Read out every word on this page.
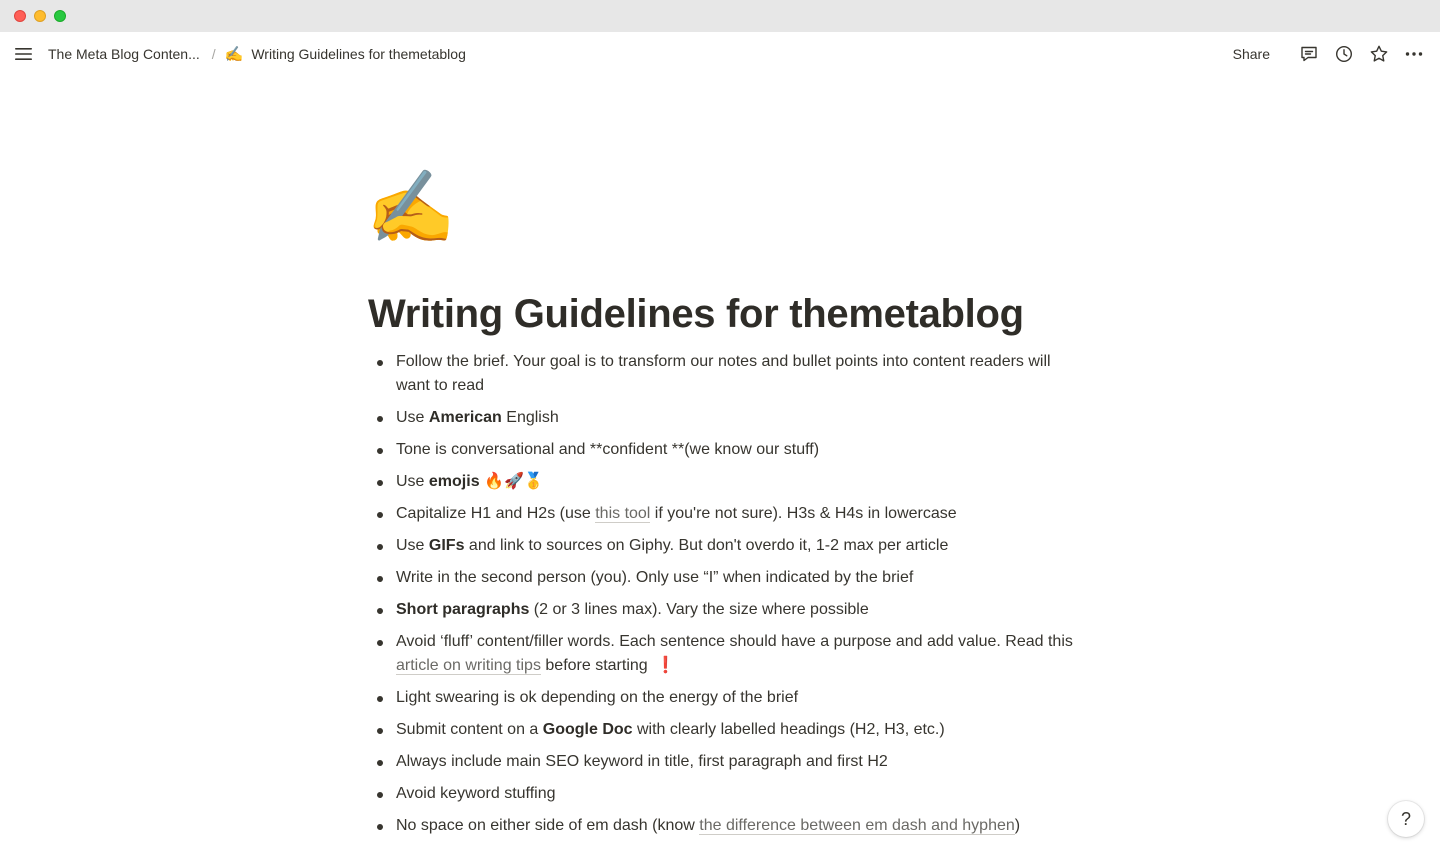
The Meta Blog Conten... / ✍️ Writing Guidelines for themetablog	Share
✍️
Writing Guidelines for themetablog
Follow the brief. Your goal is to transform our notes and bullet points into content readers will want to read
Use American English
Tone is conversational and **confident **(we know our stuff)
Use emojis 🔥🚀🥇
Capitalize H1 and H2s (use this tool if you're not sure). H3s & H4s in lowercase
Use GIFs and link to sources on Giphy. But don't overdo it, 1-2 max per article
Write in the second person (you). Only use “I” when indicated by the brief
Short paragraphs (2 or 3 lines max). Vary the size where possible
Avoid ‘fluff’ content/filler words. Each sentence should have a purpose and add value. Read this article on writing tips before starting ❗
Light swearing is ok depending on the energy of the brief
Submit content on a Google Doc with clearly labelled headings (H2, H3, etc.)
Always include main SEO keyword in title, first paragraph and first H2
Avoid keyword stuffing
No space on either side of em dash (know the difference between em dash and hyphen)	?
